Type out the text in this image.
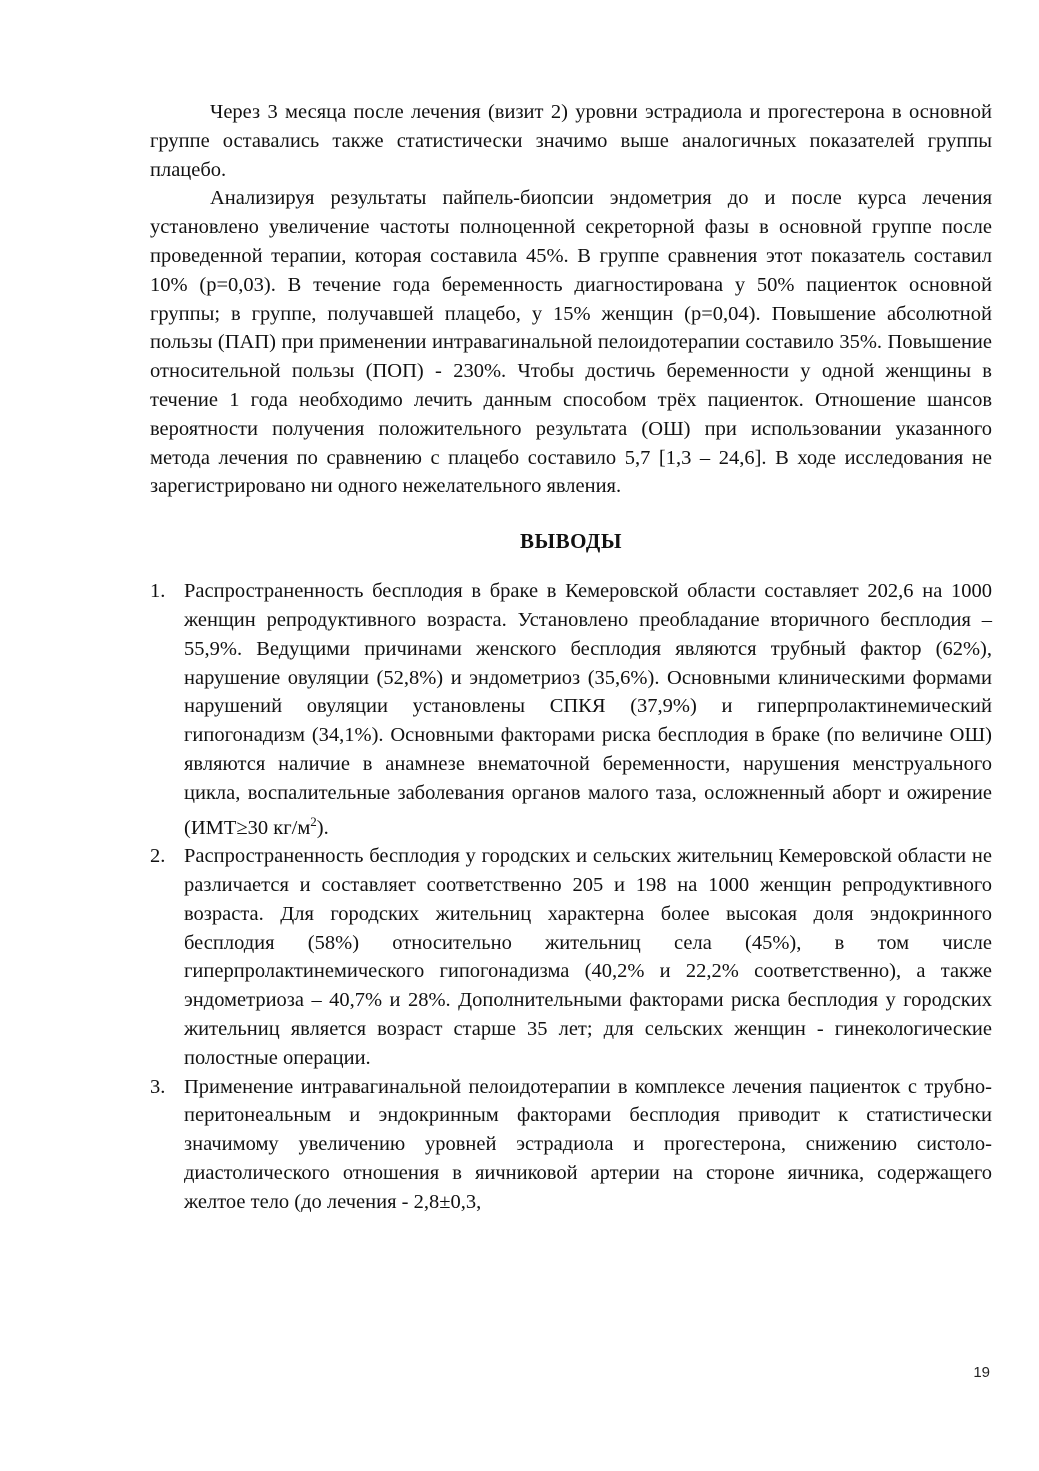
Через 3 месяца после лечения (визит 2) уровни эстрадиола и прогестерона в основной группе оставались также статистически значимо выше аналогичных показателей группы плацебо.

Анализируя результаты пайпель-биопсии эндометрия до и после курса лечения установлено увеличение частоты полноценной секреторной фазы в основной группе после проведенной терапии, которая составила 45%. В группе сравнения этот показатель составил 10% (р=0,03). В течение года беременность диагностирована у 50% пациенток основной группы; в группе, получавшей плацебо, у 15% женщин (р=0,04). Повышение абсолютной пользы (ПАП) при применении интравагинальной пелоидотерапии составило 35%. Повышение относительной пользы (ПОП) - 230%. Чтобы достичь беременности у одной женщины в течение 1 года необходимо лечить данным способом трёх пациенток. Отношение шансов вероятности получения положительного результата (ОШ) при использовании указанного метода лечения по сравнению с плацебо составило 5,7 [1,3 – 24,6]. В ходе исследования не зарегистрировано ни одного нежелательного явления.

ВЫВОДЫ
1. Распространенность бесплодия в браке в Кемеровской области составляет 202,6 на 1000 женщин репродуктивного возраста. Установлено преобладание вторичного бесплодия – 55,9%. Ведущими причинами женского бесплодия являются трубный фактор (62%), нарушение овуляции (52,8%) и эндометриоз (35,6%). Основными клиническими формами нарушений овуляции установлены СПКЯ (37,9%) и гиперпролактинемический гипогонадизм (34,1%). Основными факторами риска бесплодия в браке (по величине ОШ) являются наличие в анамнезе внематочной беременности, нарушения менструального цикла, воспалительные заболевания органов малого таза, осложненный аборт и ожирение (ИМТ≥30 $кг/м^2$).
2. Распространенность бесплодия у городских и сельских жительниц Кемеровской области не различается и составляет соответственно 205 и 198 на 1000 женщин репродуктивного возраста. Для городских жительниц характерна более высокая доля эндокринного бесплодия (58%) относительно жительниц села (45%), в том числе гиперпролактинемического гипогонадизма (40,2% и 22,2% соответственно), а также эндометриоза – 40,7% и 28%. Дополнительными факторами риска бесплодия у городских жительниц является возраст старше 35 лет; для сельских женщин - гинекологические полостные операции.
3. Применение интравагинальной пелоидотерапии в комплексе лечения пациенток с трубно-перитонеальным и эндокринным факторами бесплодия приводит к статистически значимому увеличению уровней эстрадиола и прогестерона, снижению систоло-диастолического отношения в яичниковой артерии на стороне яичника, содержащего желтое тело (до лечения - 2,8±0,3,
19
